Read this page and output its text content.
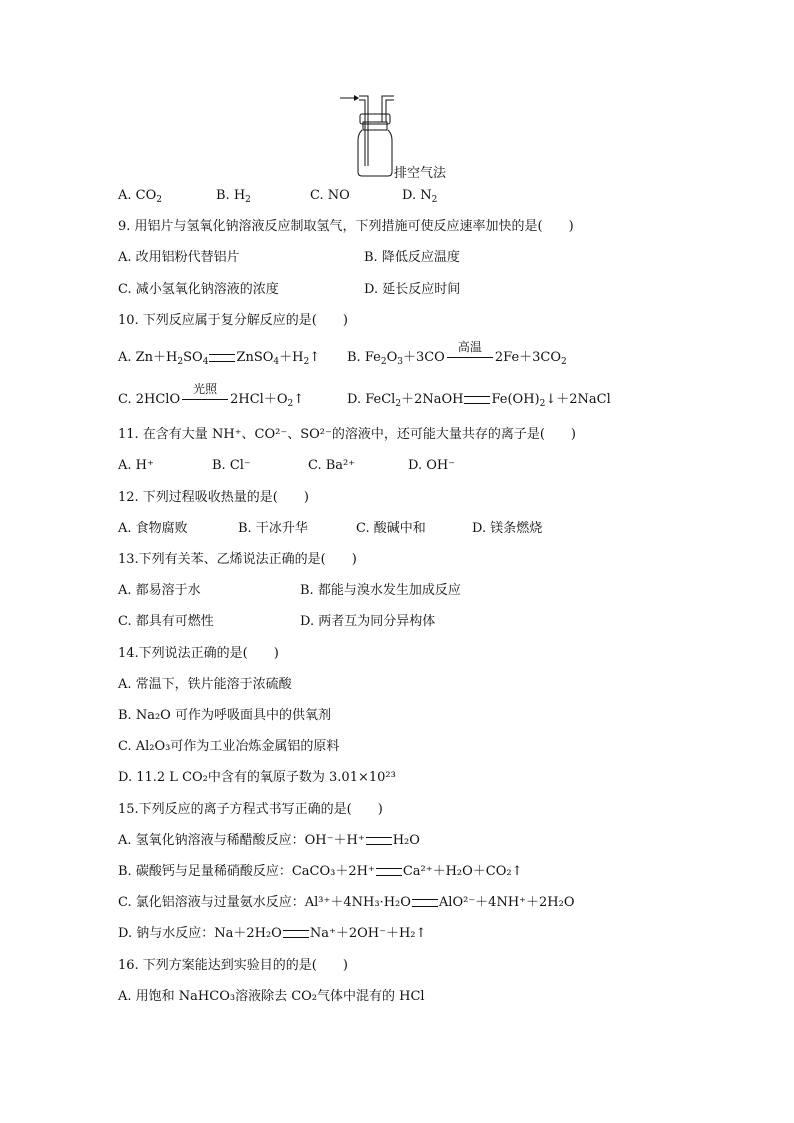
排空气法
A. $CO_2$	B. $H_2$	C. NO	D. $N_2$
9. 用铝片与氢氧化钠溶液反应制取氢气，下列措施可使反应速率加快的是(　　)
A. 改用铝粉代替铝片	B. 降低反应温度
C. 减小氢氧化钠溶液的浓度	D. 延长反应时间
10. 下列反应属于复分解反应的是(　　)
A. $Zn+H_2SO_4$ $ZnSO_4+H_2↑$ B. $Fe_2O_3+3CO$
高温
$2Fe+3CO_2$
C. 2HClO
光照
$2HCl+O_2↑$	D. FeCl$_2$＋2NaOH $Fe(OH)_2↓+2NaCl$
11. 在含有大量 NH⁺、CO²⁻、SO²⁻的溶液中，还可能大量共存的离子是(　　)
A. H⁺	B. Cl⁻	C. Ba²⁺	D. OH⁻
12. 下列过程吸收热量的是(　　)
A. 食物腐败	B. 干冰升华	C. 酸碱中和	D. 镁条燃烧
13.下列有关苯、乙烯说法正确的是(　　)
A. 都易溶于水	B. 都能与溴水发生加成反应
C. 都具有可燃性	D. 两者互为同分异构体
14.下列说法正确的是(　　)
A. 常温下，铁片能溶于浓硫酸
B. Na₂O 可作为呼吸面具中的供氧剂
C. Al₂O₃可作为工业冶炼金属铝的原料
D. 11.2 L CO₂中含有的氧原子数为 3.01×10²³
15.下列反应的离子方程式书写正确的是(　　)
A. 氢氧化钠溶液与稀醋酸反应：OH⁻＋H⁺ H₂O
B. 碳酸钙与足量稀硝酸反应：CaCO₃＋2H⁺ Ca²⁺＋H₂O＋CO₂↑
C. 氯化铝溶液与过量氨水反应：Al³⁺＋4NH₃·H₂O AlO²⁻＋4NH⁺＋2H₂O
D. 钠与水反应：Na＋2H₂O Na⁺＋2OH⁻＋H₂↑
16. 下列方案能达到实验目的的是(　　)
A. 用饱和 NaHCO₃溶液除去 CO₂气体中混有的 HCl
